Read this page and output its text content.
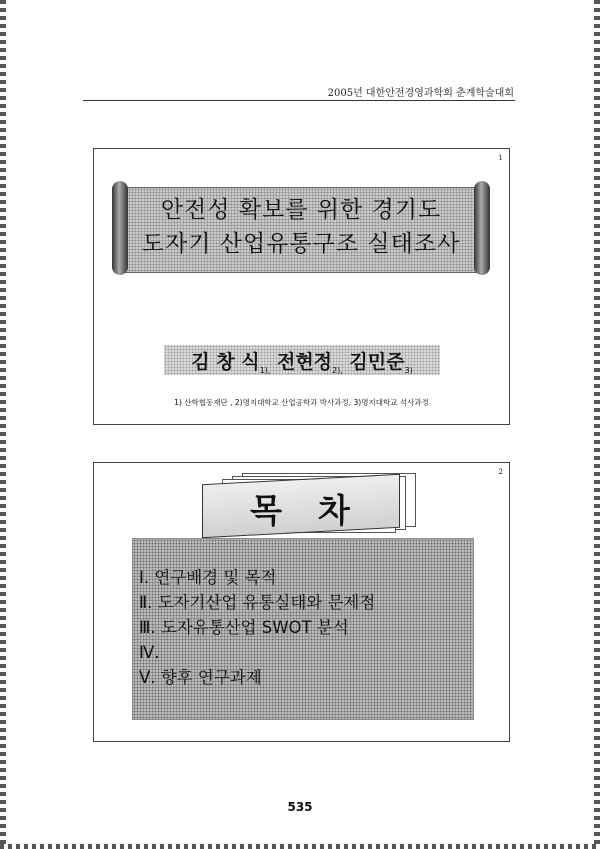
2005년 대한안전경영과학회 춘계학술대회
1
안전성 확보를 위한 경기도
도자기 산업유통구조 실태조사
김 창 식$_{1),}$ 전현정$_{2),}$ 김민준$_{3)}$
1) 산학협동재단 , 2)명지대학교 산업공학과 박사과정, 3)명지대학교 석사과정
2
목차
Ⅰ. 연구배경 및 목적
Ⅱ. 도자기산업 유통실태와 문제점
Ⅲ. 도자유통산업 SWOT 분석
Ⅳ.
Ⅴ. 향후 연구과제
535
